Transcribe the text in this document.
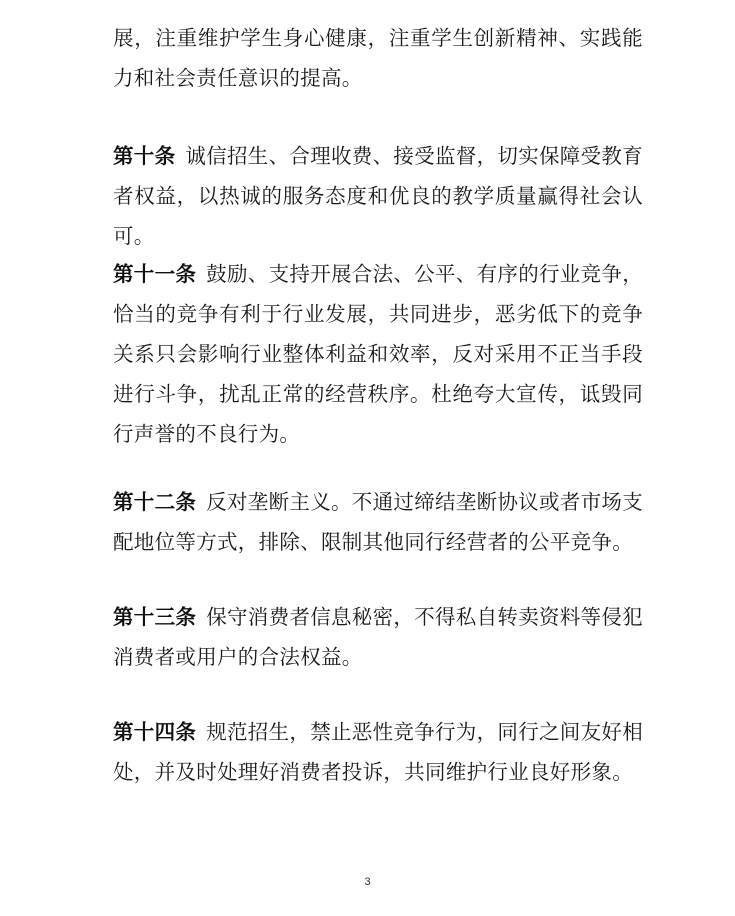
展，注重维护学生身心健康，注重学生创新精神、实践能力和社会责任意识的提高。

第十条 诚信招生、合理收费、接受监督，切实保障受教育者权益，以热诚的服务态度和优良的教学质量赢得社会认可。

第十一条 鼓励、支持开展合法、公平、有序的行业竞争，恰当的竞争有利于行业发展，共同进步，恶劣低下的竞争关系只会影响行业整体利益和效率，反对采用不正当手段进行斗争，扰乱正常的经营秩序。杜绝夸大宣传，诋毁同行声誉的不良行为。

第十二条 反对垄断主义。不通过缔结垄断协议或者市场支配地位等方式，排除、限制其他同行经营者的公平竞争。

第十三条 保守消费者信息秘密，不得私自转卖资料等侵犯消费者或用户的合法权益。

第十四条 规范招生，禁止恶性竞争行为，同行之间友好相处，并及时处理好消费者投诉，共同维护行业良好形象。

3
